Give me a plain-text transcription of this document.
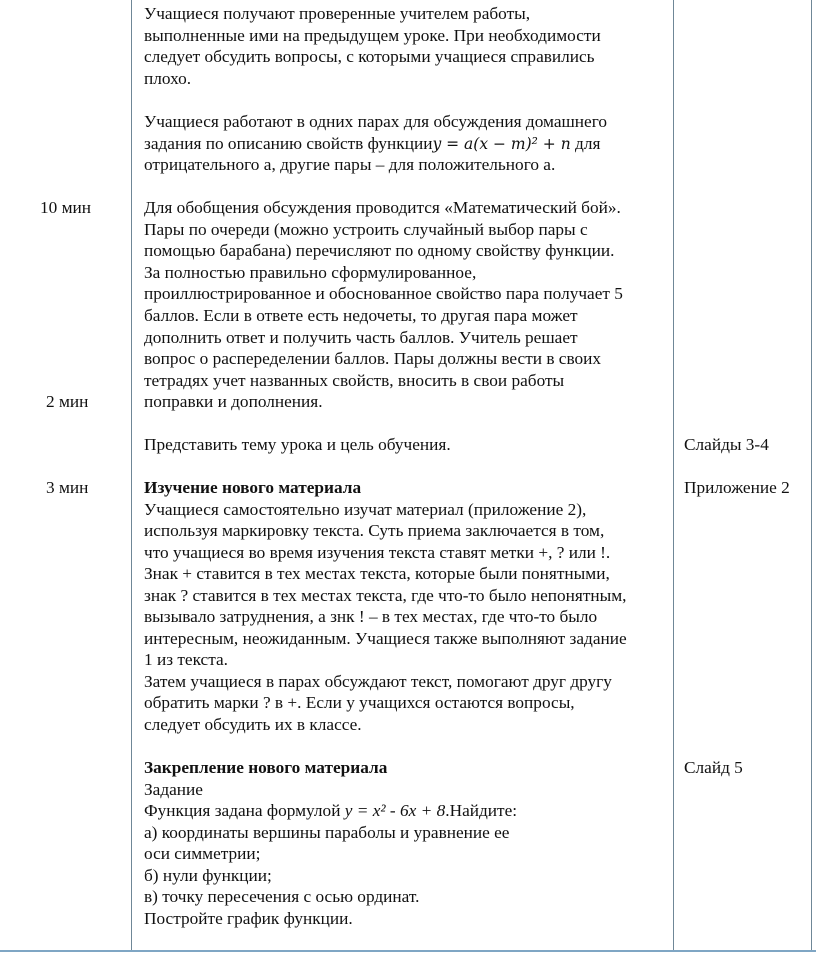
10 мин
2 мин
3 мин
Слайды 3-4
Приложение 2
Слайд 5
Учащиеся получают проверенные учителем работы,
выполненные ими на предыдущем уроке. При необходимости
следует обсудить вопросы, с которыми учащиеся справились
плохо.
Учащиеся работают в одних парах для обсуждения домашнего
задания по описанию свойств функцииy = a(x − m)² + n для
отрицательного a, другие пары – для положительного a.
Для обобщения обсуждения проводится «Математический бой».
Пары по очереди (можно устроить случайный выбор пары с
помощью барабана) перечисляют по одному свойству функции.
За полностью правильно сформулированное,
проиллюстрированное и обоснованное свойство пара получает 5
баллов. Если в ответе есть недочеты, то другая пара может
дополнить ответ и получить часть баллов. Учитель решает
вопрос о распеределении баллов. Пары должны вести в своих
тетрадях учет названных свойств, вносить в свои работы
поправки и дополнения.
Представить тему урока и цель обучения.
Изучение нового материала
Учащиеся самостоятельно изучат материал (приложение 2),
используя маркировку текста. Суть приема заключается в том,
что учащиеся во время изучения текста ставят метки +, ? или !.
Знак + ставится в тех местах текста, которые были понятными,
знак ? ставится в тех местах текста, где что-то было непонятным,
вызывало затруднения, а знк ! – в тех местах, где что-то было
интересным, неожиданным. Учащиеся также выполняют задание
1 из текста.
Затем учащиеся в парах обсуждают текст, помогают друг другу
обратить марки ? в +. Если у учащихся остаются вопросы,
следует обсудить их в классе.
Закрепление нового материала
Задание
Функция задана формулой y = x² - 6x + 8.Найдите:
а) координаты вершины параболы и уравнение ее
оси симметрии;
б) нули функции;
в) точку пересечения с осью ординат.
Постройте график функции.
